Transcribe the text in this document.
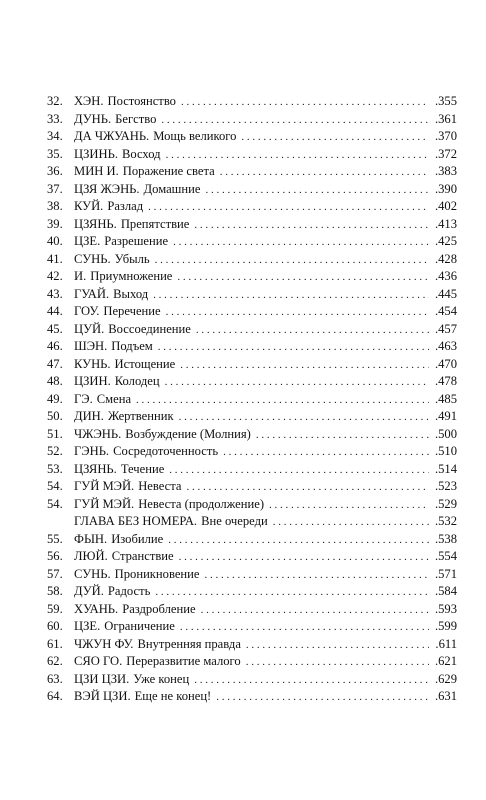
32. ХЭН. Постоянство . . .	.355
33. ДУНЬ. Бегство . . .	.361
34. ДА ЧЖУАНЬ. Мощь великого . . .	.370
35. ЦЗИНЬ. Восход . . .	.372
36. МИН И. Поражение света . . .	.383
37. ЦЗЯ ЖЭНЬ. Домашние . . .	.390
38. КУЙ. Разлад . . .	.402
39. ЦЗЯНЬ. Препятствие . . .	.413
40. ЦЗЕ. Разрешение . . .	.425
41. СУНЬ. Убыль . . .	.428
42. И. Приумножение . . .	.436
43. ГУАЙ. Выход . . .	.445
44. ГОУ. Перечение . . .	.454
45. ЦУЙ. Воссоединение . . .	.457
46. ШЭН. Подъем . . .	.463
47. КУНЬ. Истощение . . .	.470
48. ЦЗИН. Колодец . . .	.478
49. ГЭ. Смена . . .	.485
50. ДИН. Жертвенник . . .	.491
51. ЧЖЭНЬ. Возбуждение (Молния) . . .	.500
52. ГЭНЬ. Сосредоточенность . . .	.510
53. ЦЗЯНЬ. Течение . . .	.514
54. ГУЙ МЭЙ. Невеста . . .	.523
54. ГУЙ МЭЙ. Невеста (продолжение) . . .	.529
ГЛАВА БЕЗ НОМЕРА. Вне очереди . . .	.532
55. ФЫН. Изобилие . . .	.538
56. ЛЮЙ. Странствие . . .	.554
57. СУНЬ. Проникновение . . .	.571
58. ДУЙ. Радость . . .	.584
59. ХУАНЬ. Раздробление . . .	.593
60. ЦЗЕ. Ограничение . . .	.599
61. ЧЖУН ФУ. Внутренняя правда . . .	.611
62. СЯО ГО. Переразвитие малого . . .	.621
63. ЦЗИ ЦЗИ. Уже конец . . .	.629
64. ВЭЙ ЦЗИ. Еще не конец! . . .	.631
